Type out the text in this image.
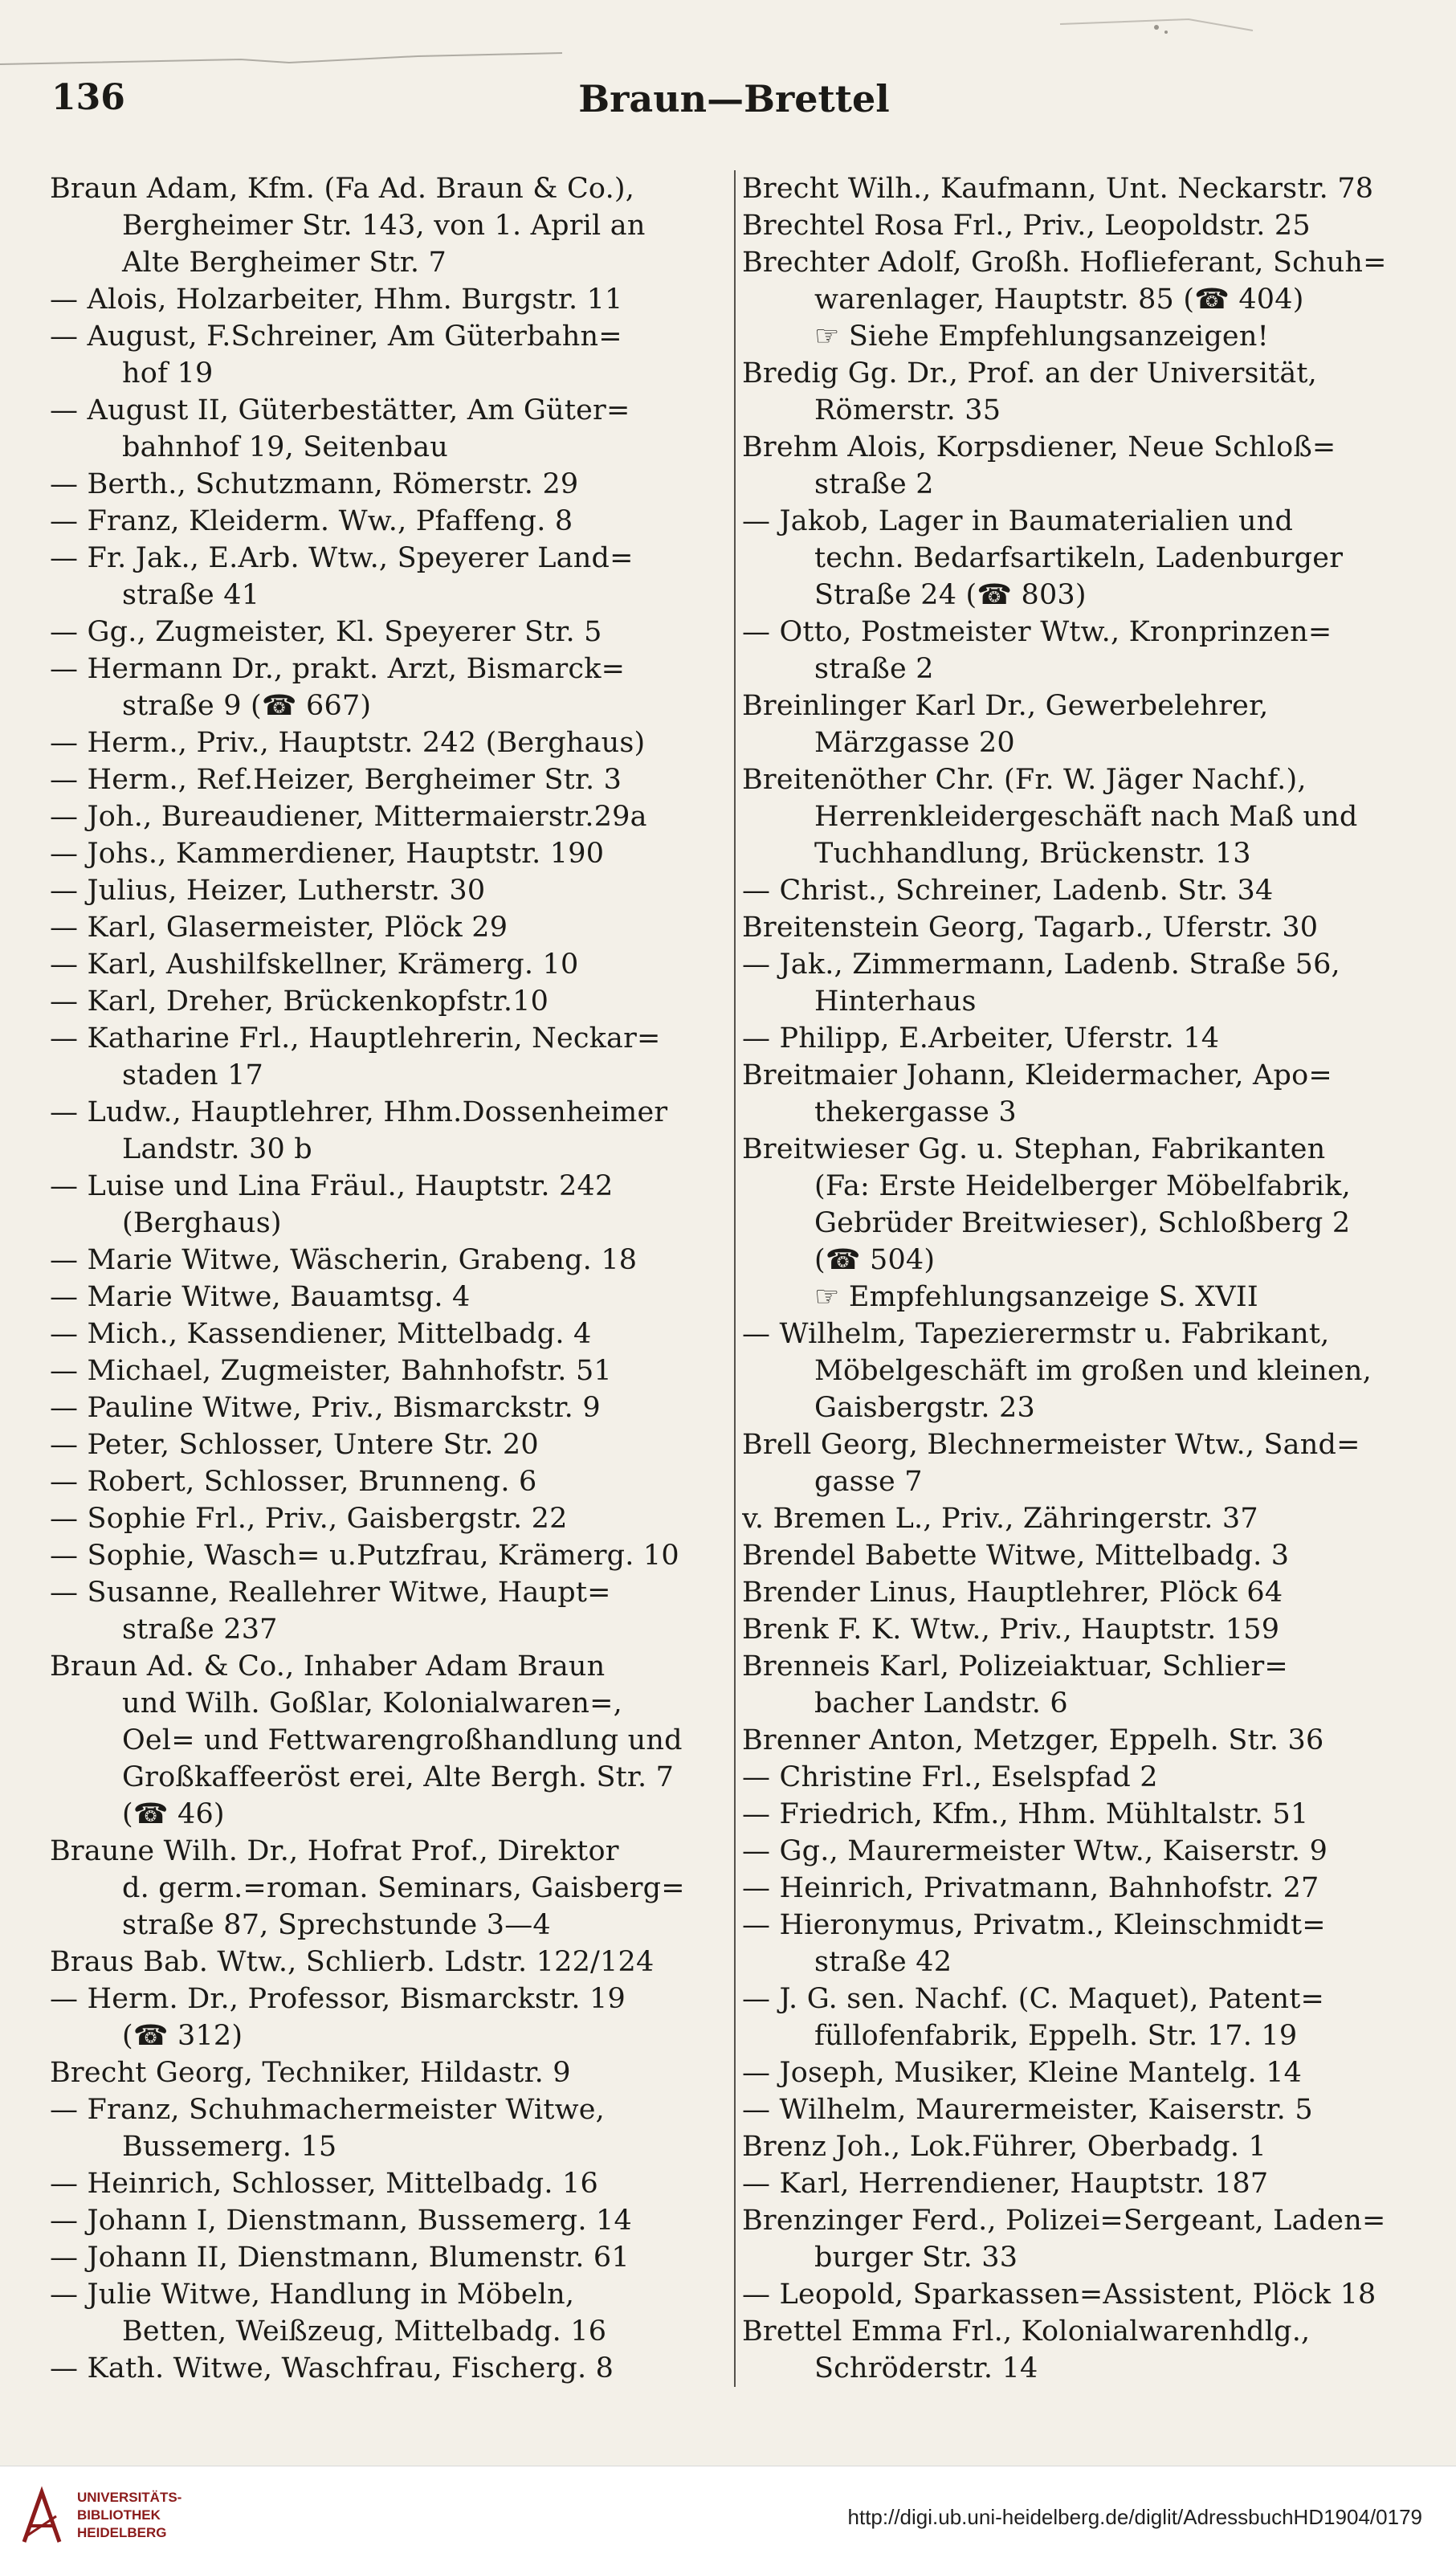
136	Braun—Brettel
Braun Adam, Kfm. (Fa Ad. Braun & Co.),
Bergheimer Str. 143, von 1. April an
Alte Bergheimer Str. 7
— Alois, Holzarbeiter, Hhm. Burgstr. 11
— August, F.Schreiner, Am Güterbahn=
hof 19
— August II, Güterbestätter, Am Güter=
bahnhof 19, Seitenbau
— Berth., Schutzmann, Römerstr. 29
— Franz, Kleiderm. Ww., Pfaffeng. 8
— Fr. Jak., E.Arb. Wtw., Speyerer Land=
straße 41
— Gg., Zugmeister, Kl. Speyerer Str. 5
— Hermann Dr., prakt. Arzt, Bismarck=
straße 9 (☎ 667)
— Herm., Priv., Hauptstr. 242 (Berghaus)
— Herm., Ref.Heizer, Bergheimer Str. 3
— Joh., Bureaudiener, Mittermaierstr.29a
— Johs., Kammerdiener, Hauptstr. 190
— Julius, Heizer, Lutherstr. 30
— Karl, Glasermeister, Plöck 29
— Karl, Aushilfskellner, Krämerg. 10
— Karl, Dreher, Brückenkopfstr.10
— Katharine Frl., Hauptlehrerin, Neckar=
staden 17
— Ludw., Hauptlehrer, Hhm.Dossenheimer
Landstr. 30 b
— Luise und Lina Fräul., Hauptstr. 242
(Berghaus)
— Marie Witwe, Wäscherin, Grabeng. 18
— Marie Witwe, Bauamtsg. 4
— Mich., Kassendiener, Mittelbadg. 4
— Michael, Zugmeister, Bahnhofstr. 51
— Pauline Witwe, Priv., Bismarckstr. 9
— Peter, Schlosser, Untere Str. 20
— Robert, Schlosser, Brunneng. 6
— Sophie Frl., Priv., Gaisbergstr. 22
— Sophie, Wasch= u.Putzfrau, Krämerg. 10
— Susanne, Reallehrer Witwe, Haupt=
straße 237
Braun Ad. & Co., Inhaber Adam Braun
und Wilh. Goßlar, Kolonialwaren=,
Oel= und Fettwarengroßhandlung und
Großkaffeeröst erei, Alte Bergh. Str. 7
(☎ 46)
Braune Wilh. Dr., Hofrat Prof., Direktor
d. germ.=roman. Seminars, Gaisberg=
straße 87, Sprechstunde 3—4
Braus Bab. Wtw., Schlierb. Ldstr. 122/124
— Herm. Dr., Professor, Bismarckstr. 19
(☎ 312)
Brecht Georg, Techniker, Hildastr. 9
— Franz, Schuhmachermeister Witwe,
Bussemerg. 15
— Heinrich, Schlosser, Mittelbadg. 16
— Johann I, Dienstmann, Bussemerg. 14
— Johann II, Dienstmann, Blumenstr. 61
— Julie Witwe, Handlung in Möbeln,
Betten, Weißzeug, Mittelbadg. 16
— Kath. Witwe, Waschfrau, Fischerg. 8
Brecht Wilh., Kaufmann, Unt. Neckarstr. 78
Brechtel Rosa Frl., Priv., Leopoldstr. 25
Brechter Adolf, Großh. Hoflieferant, Schuh=
warenlager, Hauptstr. 85 (☎ 404)
☞ Siehe Empfehlungsanzeigen!
Bredig Gg. Dr., Prof. an der Universität,
Römerstr. 35
Brehm Alois, Korpsdiener, Neue Schloß=
straße 2
— Jakob, Lager in Baumaterialien und
techn. Bedarfsartikeln, Ladenburger
Straße 24 (☎ 803)
— Otto, Postmeister Wtw., Kronprinzen=
straße 2
Breinlinger Karl Dr., Gewerbelehrer,
Märzgasse 20
Breitenöther Chr. (Fr. W. Jäger Nachf.),
Herrenkleidergeschäft nach Maß und
Tuchhandlung, Brückenstr. 13
— Christ., Schreiner, Ladenb. Str. 34
Breitenstein Georg, Tagarb., Uferstr. 30
— Jak., Zimmermann, Ladenb. Straße 56,
Hinterhaus
— Philipp, E.Arbeiter, Uferstr. 14
Breitmaier Johann, Kleidermacher, Apo=
thekergasse 3
Breitwieser Gg. u. Stephan, Fabrikanten
(Fa: Erste Heidelberger Möbelfabrik,
Gebrüder Breitwieser), Schloßberg 2
(☎ 504)
☞ Empfehlungsanzeige S. XVII
— Wilhelm, Tapezierermstr u. Fabrikant,
Möbelgeschäft im großen und kleinen,
Gaisbergstr. 23
Brell Georg, Blechnermeister Wtw., Sand=
gasse 7
v. Bremen L., Priv., Zähringerstr. 37
Brendel Babette Witwe, Mittelbadg. 3
Brender Linus, Hauptlehrer, Plöck 64
Brenk F. K. Wtw., Priv., Hauptstr. 159
Brenneis Karl, Polizeiaktuar, Schlier=
bacher Landstr. 6
Brenner Anton, Metzger, Eppelh. Str. 36
— Christine Frl., Eselspfad 2
— Friedrich, Kfm., Hhm. Mühltalstr. 51
— Gg., Maurermeister Wtw., Kaiserstr. 9
— Heinrich, Privatmann, Bahnhofstr. 27
— Hieronymus, Privatm., Kleinschmidt=
straße 42
— J. G. sen. Nachf. (C. Maquet), Patent=
füllofenfabrik, Eppelh. Str. 17. 19
— Joseph, Musiker, Kleine Mantelg. 14
— Wilhelm, Maurermeister, Kaiserstr. 5
Brenz Joh., Lok.Führer, Oberbadg. 1
— Karl, Herrendiener, Hauptstr. 187
Brenzinger Ferd., Polizei=Sergeant, Laden=
burger Str. 33
— Leopold, Sparkassen=Assistent, Plöck 18
Brettel Emma Frl., Kolonialwarenhdlg.,
Schröderstr. 14
UNIVERSITÄTS-
BIBLIOTHEK
HEIDELBERG
http://digi.ub.uni-heidelberg.de/diglit/AdressbuchHD1904/0179
